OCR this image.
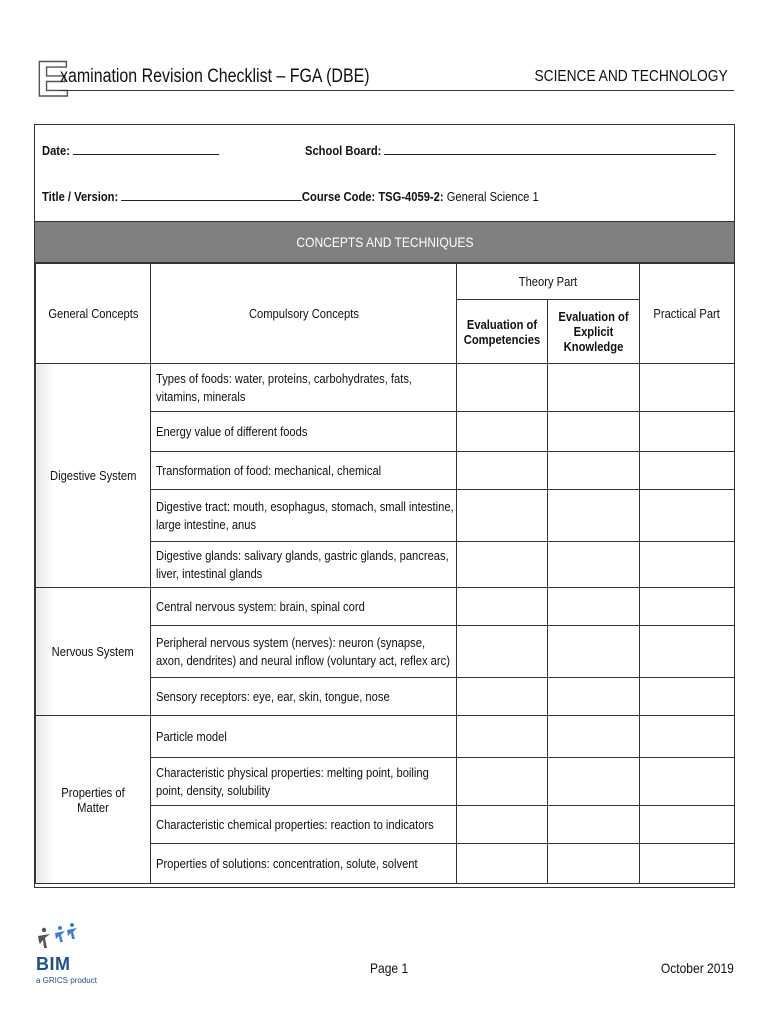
E
xamination Revision Checklist – FGA (DBE)	SCIENCE AND TECHNOLOGY
Date:	School Board:
Title / Version:	Course Code: TSG-4059-2: General Science 1
CONCEPTS AND TECHNIQUES
General Concepts	Compulsory Concepts	Theory Part		Practical Part
		Evaluation of Competencies	Evaluation of Explicit Knowledge	
Digestive System	Types of foods: water, proteins, carbohydrates, fats, vitamins, minerals			
	Energy value of different foods			
	Transformation of food: mechanical, chemical			
	Digestive tract: mouth, esophagus, stomach, small intestine, large intestine, anus			
	Digestive glands: salivary glands, gastric glands, pancreas, liver, intestinal glands			
Nervous System	Central nervous system: brain, spinal cord			
	Peripheral nervous system (nerves): neuron (synapse, axon, dendrites) and neural inflow (voluntary act, reflex arc)			
	Sensory receptors: eye, ear, skin, tongue, nose			
Properties of Matter	Particle model			
	Characteristic physical properties: melting point, boiling point, density, solubility			
	Characteristic chemical properties: reaction to indicators			
	Properties of solutions: concentration, solute, solvent			
BIM
a GRICS product
Page 1	October 2019
